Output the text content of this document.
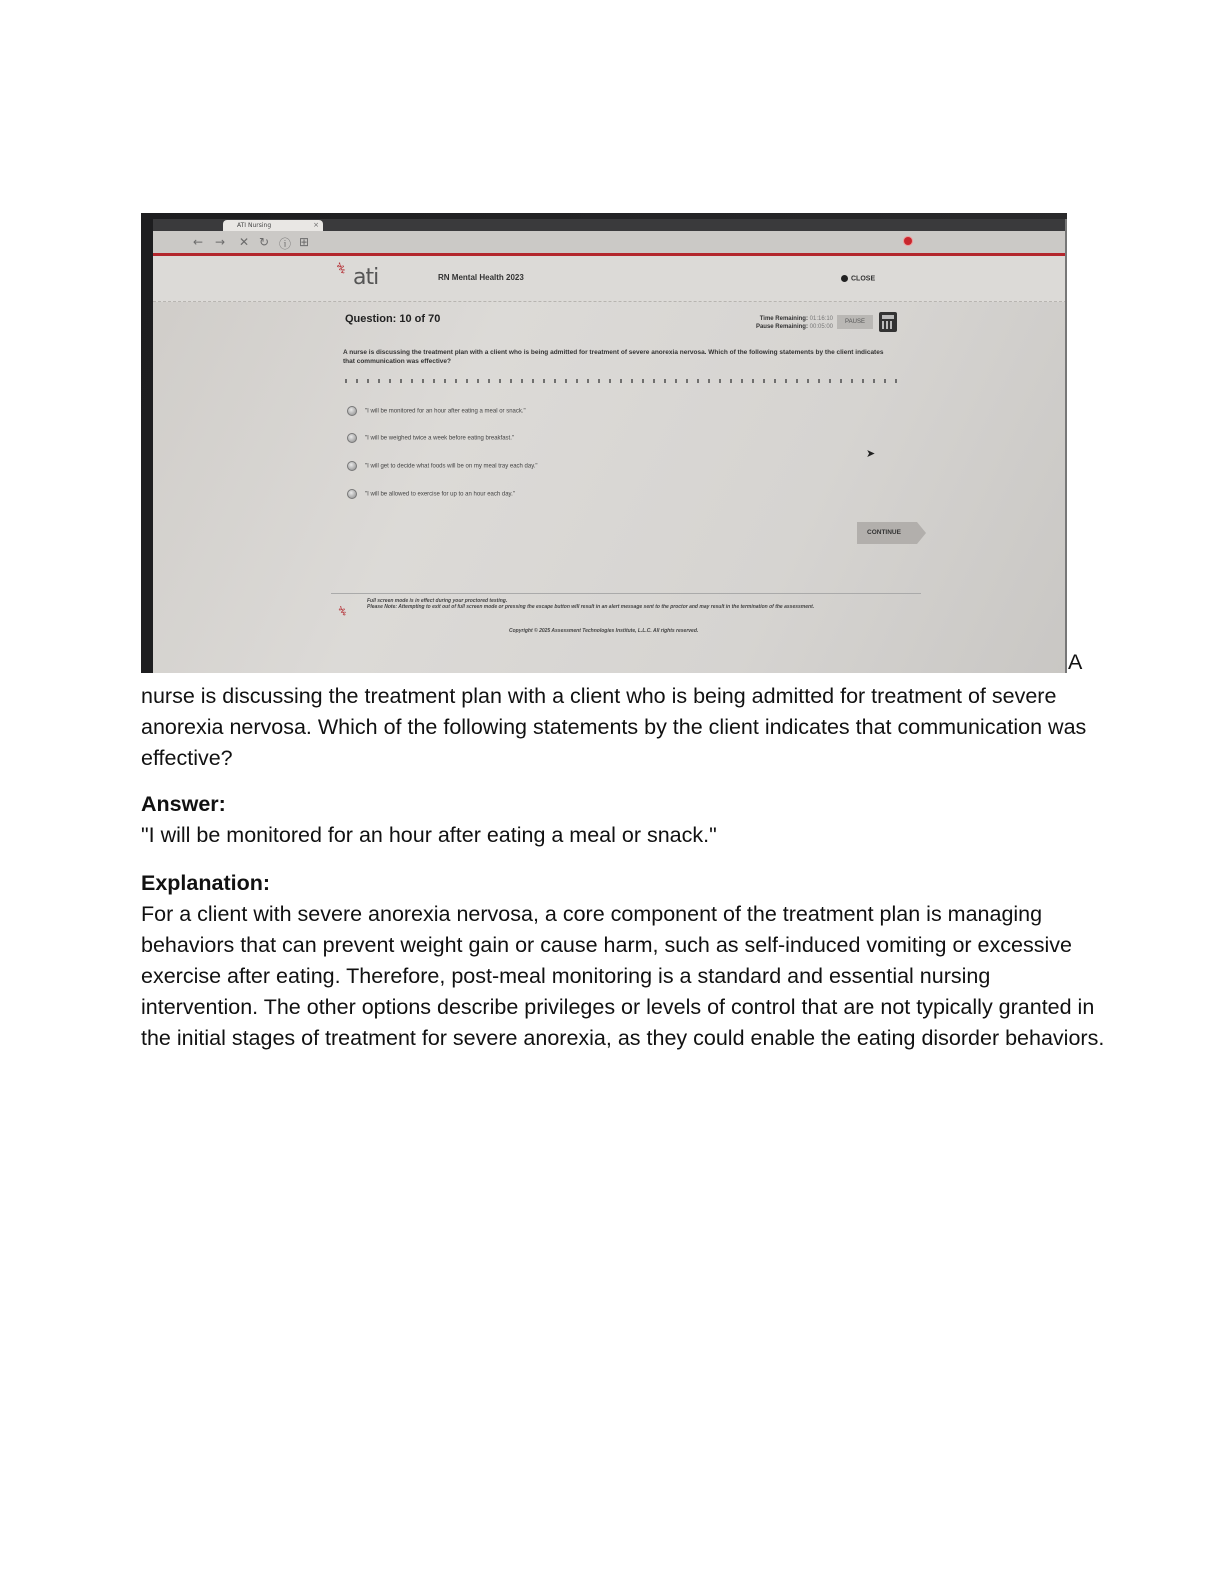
ATI Nursing	×
← → ✕ ↻ ⓘ ⊞
⚕ ati	RN Mental Health 2023	CLOSE
Question: 10 of 70	Time Remaining: 01:16:10
Pause Remaining: 00:05:00
PAUSE
A nurse is discussing the treatment plan with a client who is being admitted for treatment of severe anorexia nervosa. Which of the following statements by the client indicates that communication was effective?
"I will be monitored for an hour after eating a meal or snack."
"I will be weighed twice a week before eating breakfast."
"I will get to decide what foods will be on my meal tray each day."
"I will be allowed to exercise for up to an hour each day."
➤
CONTINUE
⚕
Full screen mode is in effect during your proctored testing.
Please Note: Attempting to exit out of full screen mode or pressing the escape button will result in an alert message sent to the proctor and may result in the termination of the assessment.
Copyright © 2025 Assessment Technologies Institute, L.L.C. All rights reserved.
A
nurse is discussing the treatment plan with a client who is being admitted for treatment of severe anorexia nervosa. Which of the following statements by the client indicates that communication was effective?
Answer:
"I will be monitored for an hour after eating a meal or snack."
Explanation:
For a client with severe anorexia nervosa, a core component of the treatment plan is managing behaviors that can prevent weight gain or cause harm, such as self-induced vomiting or excessive exercise after eating. Therefore, post-meal monitoring is a standard and essential nursing intervention. The other options describe privileges or levels of control that are not typically granted in the initial stages of treatment for severe anorexia, as they could enable the eating disorder behaviors.
